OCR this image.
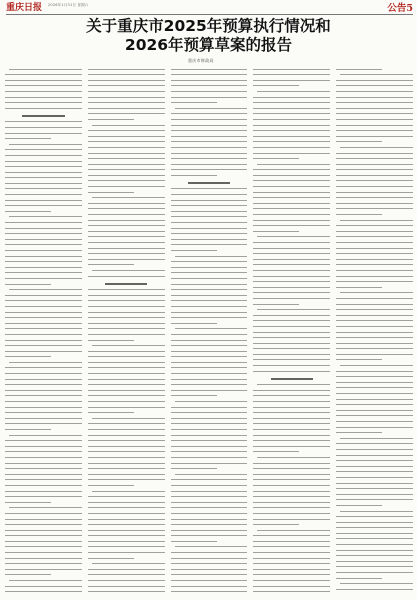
重庆日报 2026年1月31日 星期六	公告5
关于重庆市2025年预算执行情况和
2026年预算草案的报告
重庆市财政局
